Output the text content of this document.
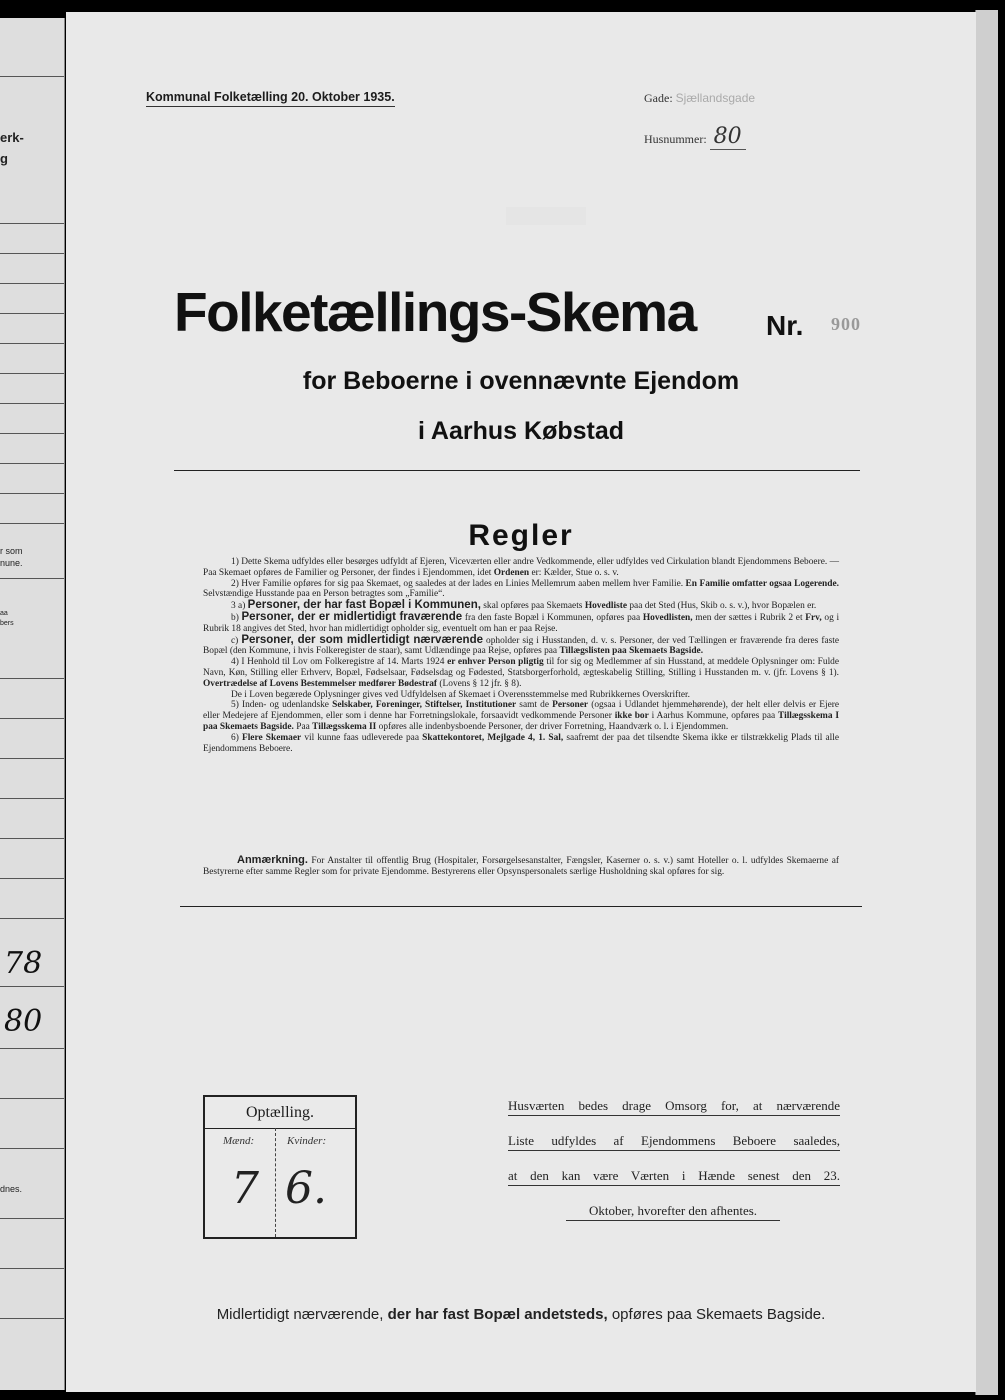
erk-
g
r som
nune.
aa
bers
78
80
dnes.
Kommunal Folketælling 20. Oktober 1935.	Gade: Sjællandsgade
Husnummer: 80
Folketællings-Skema	Nr. 900
for Beboerne i ovennævnte Ejendom
i Aarhus Købstad
Regler

1) Dette Skema udfyldes eller besørges udfyldt af Ejeren, Viceværten eller andre Vedkommende, eller udfyldes ved Cirkulation blandt Ejendommens Beboere. — Paa Skemaet opføres de Familier og Personer, der findes i Ejendommen, idet Ordenen er: Kælder, Stue o. s. v.

2) Hver Familie opføres for sig paa Skemaet, og saaledes at der lades en Linies Mellemrum aaben mellem hver Familie. En Familie omfatter ogsaa Logerende. Selvstændige Husstande paa en Person betragtes som „Familie“.

3 a) Personer, der har fast Bopæl i Kommunen, skal opføres paa Skemaets Hovedliste paa det Sted (Hus, Skib o. s. v.), hvor Bopælen er.

b) Personer, der er midlertidigt fraværende fra den faste Bopæl i Kommunen, opføres paa Hovedlisten, men der sættes i Rubrik 2 et Frv, og i Rubrik 18 angives det Sted, hvor han midlertidigt opholder sig, eventuelt om han er paa Rejse.

c) Personer, der som midlertidigt nærværende opholder sig i Husstanden, d. v. s. Personer, der ved Tællingen er fraværende fra deres faste Bopæl (den Kommune, i hvis Folkeregister de staar), samt Udlændinge paa Rejse, opføres paa Tillægslisten paa Skemaets Bagside.

4) I Henhold til Lov om Folkeregistre af 14. Marts 1924 er enhver Person pligtig til for sig og Medlemmer af sin Husstand, at meddele Oplysninger om: Fulde Navn, Køn, Stilling eller Erhverv, Bopæl, Fødselsaar, Fødselsdag og Fødested, Statsborgerforhold, ægteskabelig Stilling, Stilling i Husstanden m. v. (jfr. Lovens § 1). Overtrædelse af Lovens Bestemmelser medfører Bødestraf (Lovens § 12 jfr. § 8).

De i Loven begærede Oplysninger gives ved Udfyldelsen af Skemaet i Overensstemmelse med Rubrikkernes Overskrifter.

5) Inden- og udenlandske Selskaber, Foreninger, Stiftelser, Institutioner samt de Personer (ogsaa i Udlandet hjemmehørende), der helt eller delvis er Ejere eller Medejere af Ejendommen, eller som i denne har Forretningslokale, forsaavidt vedkommende Personer ikke bor i Aarhus Kommune, opføres paa Tillægsskema I paa Skemaets Bagside. Paa Tillægsskema II opføres alle indenbysboende Personer, der driver Forretning, Haandværk o. l. i Ejendommen.

6) Flere Skemaer vil kunne faas udleverede paa Skattekontoret, Mejlgade 4, 1. Sal, saafremt der paa det tilsendte Skema ikke er tilstrækkelig Plads til alle Ejendommens Beboere.

Anmærkning. For Anstalter til offentlig Brug (Hospitaler, Forsørgelsesanstalter, Fængsler, Kaserner o. s. v.) samt Hoteller o. l. udfyldes Skemaerne af Bestyrerne efter samme Regler som for private Ejendomme. Bestyrerens eller Opsynspersonalets særlige Husholdning skal opføres for sig.
Optælling.
Mænd:	Kvinder:
7 6.
Husværten bedes drage Omsorg for, at nærværende
Liste udfyldes af Ejendommens Beboere saaledes,
at den kan være Værten i Hænde senest den 23.
Oktober, hvorefter den afhentes.
Midlertidigt nærværende, der har fast Bopæl andetsteds, opføres paa Skemaets Bagside.
